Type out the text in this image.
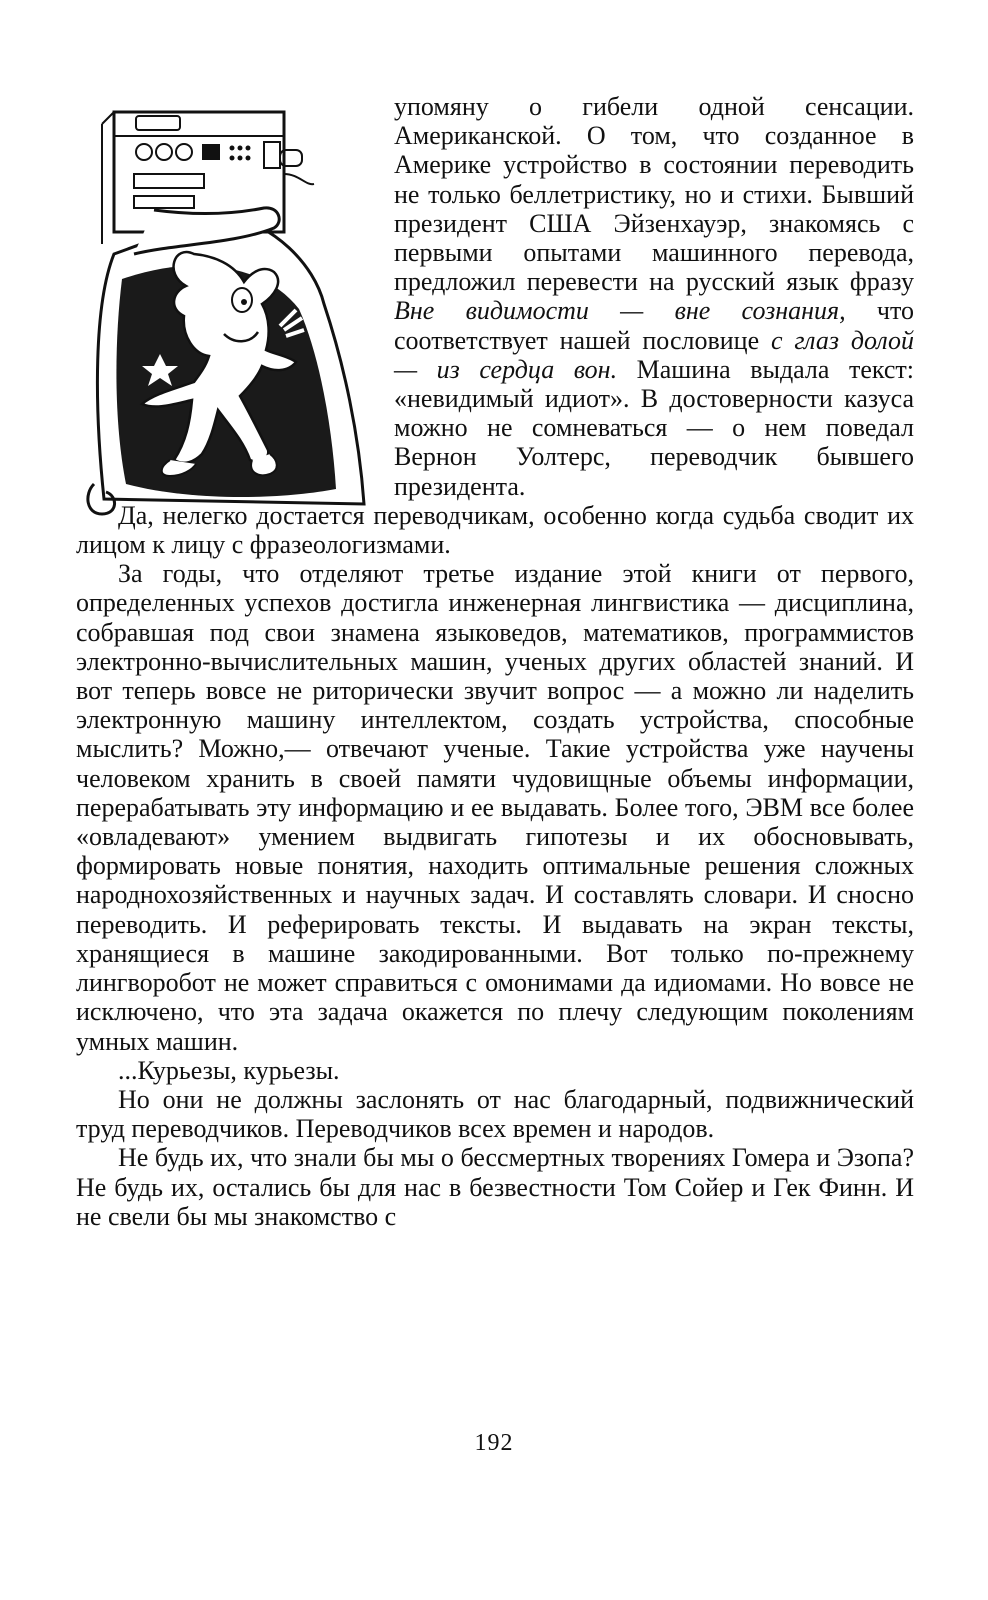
упомяну о гибели одной сенсации. Американской. О том, что созданное в Америке устройство в состоянии переводить не только беллетристику, но и стихи. Бывший президент США Эйзенхауэр, знакомясь с первыми опытами машинного перевода, предложил перевести на русский язык фразу Вне видимости — вне сознания, что соответствует нашей пословице с глаз долой — из сердца вон. Машина выдала текст: «невидимый идиот». В достоверности казуса можно не сомневаться — о нем поведал Вернон Уолтерс, переводчик бывшего президента.

Да, нелегко достается переводчикам, особенно когда судьба сводит их лицом к лицу с фразеологизмами.

За годы, что отделяют третье издание этой книги от первого, определенных успехов достигла инженерная лингвистика — дисциплина, собравшая под свои знамена языковедов, математиков, программистов электронно-вычислительных машин, ученых других областей знаний. И вот теперь вовсе не риторически звучит вопрос — а можно ли наделить электронную машину интеллектом, создать устройства, способные мыслить? Можно,— отвечают ученые. Такие устройства уже научены человеком хранить в своей памяти чудовищные объемы информации, перерабатывать эту информацию и ее выдавать. Более того, ЭВМ все более «овладевают» умением выдвигать гипотезы и их обосновывать, формировать новые понятия, находить оптимальные решения сложных народнохозяйственных и научных задач. И составлять словари. И сносно переводить. И реферировать тексты. И выдавать на экран тексты, хранящиеся в машине закодированными. Вот только по-прежнему лингворобот не может справиться с омонимами да идиомами. Но вовсе не исключено, что эта задача окажется по плечу следующим поколениям умных машин.

...Курьезы, курьезы.

Но они не должны заслонять от нас благодарный, подвижнический труд переводчиков. Переводчиков всех времен и народов.

Не будь их, что знали бы мы о бессмертных творениях Гомера и Эзопа? Не будь их, остались бы для нас в безвестности Том Сойер и Гек Финн. И не свели бы мы знакомство с

192
